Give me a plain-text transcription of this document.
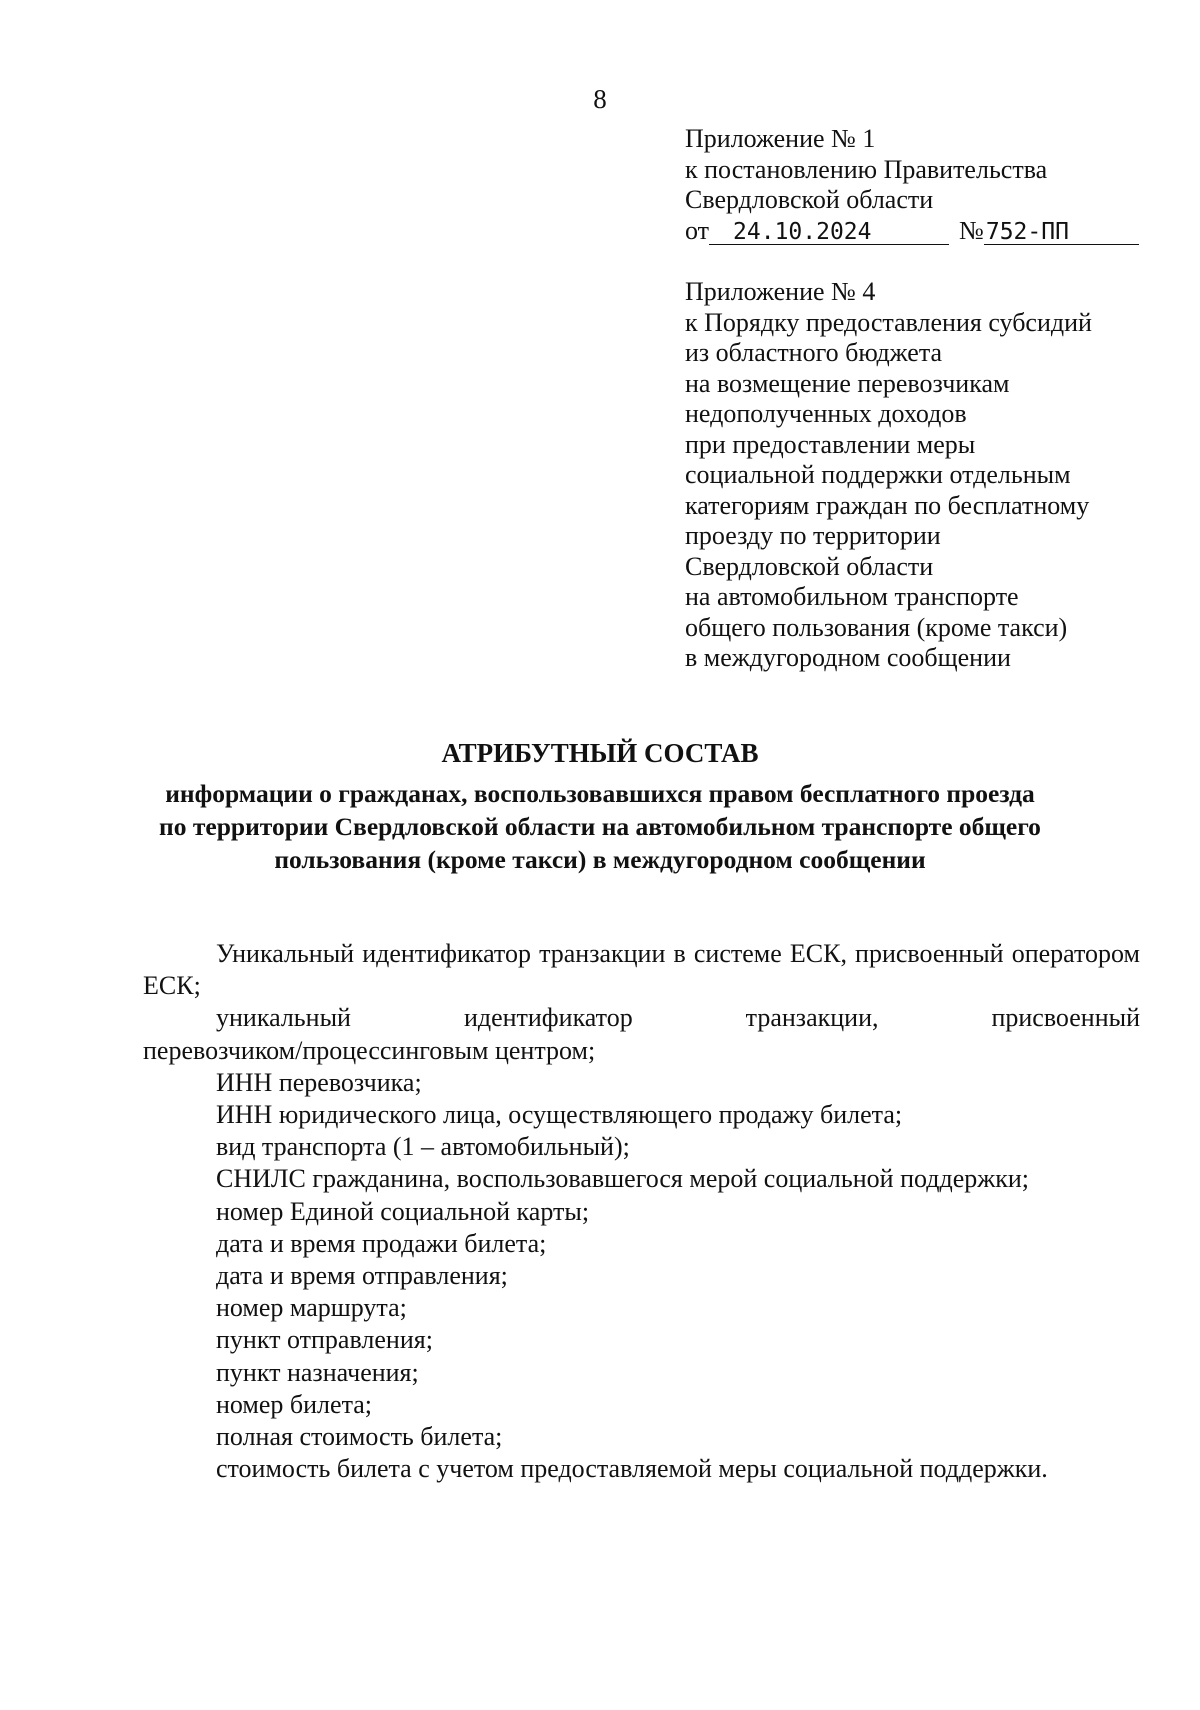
8
Приложение № 1
к постановлению Правительства
Свердловской области
от 24.10.2024	№752-ПП
Приложение № 4
к Порядку предоставления субсидий
из областного бюджета
на возмещение перевозчикам
недополученных доходов
при предоставлении меры
социальной поддержки отдельным
категориям граждан по бесплатному
проезду по территории
Свердловской области
на автомобильном транспорте
общего пользования (кроме такси)
в междугородном сообщении
АТРИБУТНЫЙ СОСТАВ
информации о гражданах, воспользовавшихся правом бесплатного проезда
по территории Свердловской области на автомобильном транспорте общего
пользования (кроме такси) в междугородном сообщении
Уникальный идентификатор транзакции в системе ЕСК, присвоенный оператором ЕСК;
уникальный идентификатор транзакции, присвоенный
перевозчиком/процессинговым центром;
ИНН перевозчика;
ИНН юридического лица, осуществляющего продажу билета;
вид транспорта (1 – автомобильный);
СНИЛС гражданина, воспользовавшегося мерой социальной поддержки;
номер Единой социальной карты;
дата и время продажи билета;
дата и время отправления;
номер маршрута;
пункт отправления;
пункт назначения;
номер билета;
полная стоимость билета;
стоимость билета с учетом предоставляемой меры социальной поддержки.
